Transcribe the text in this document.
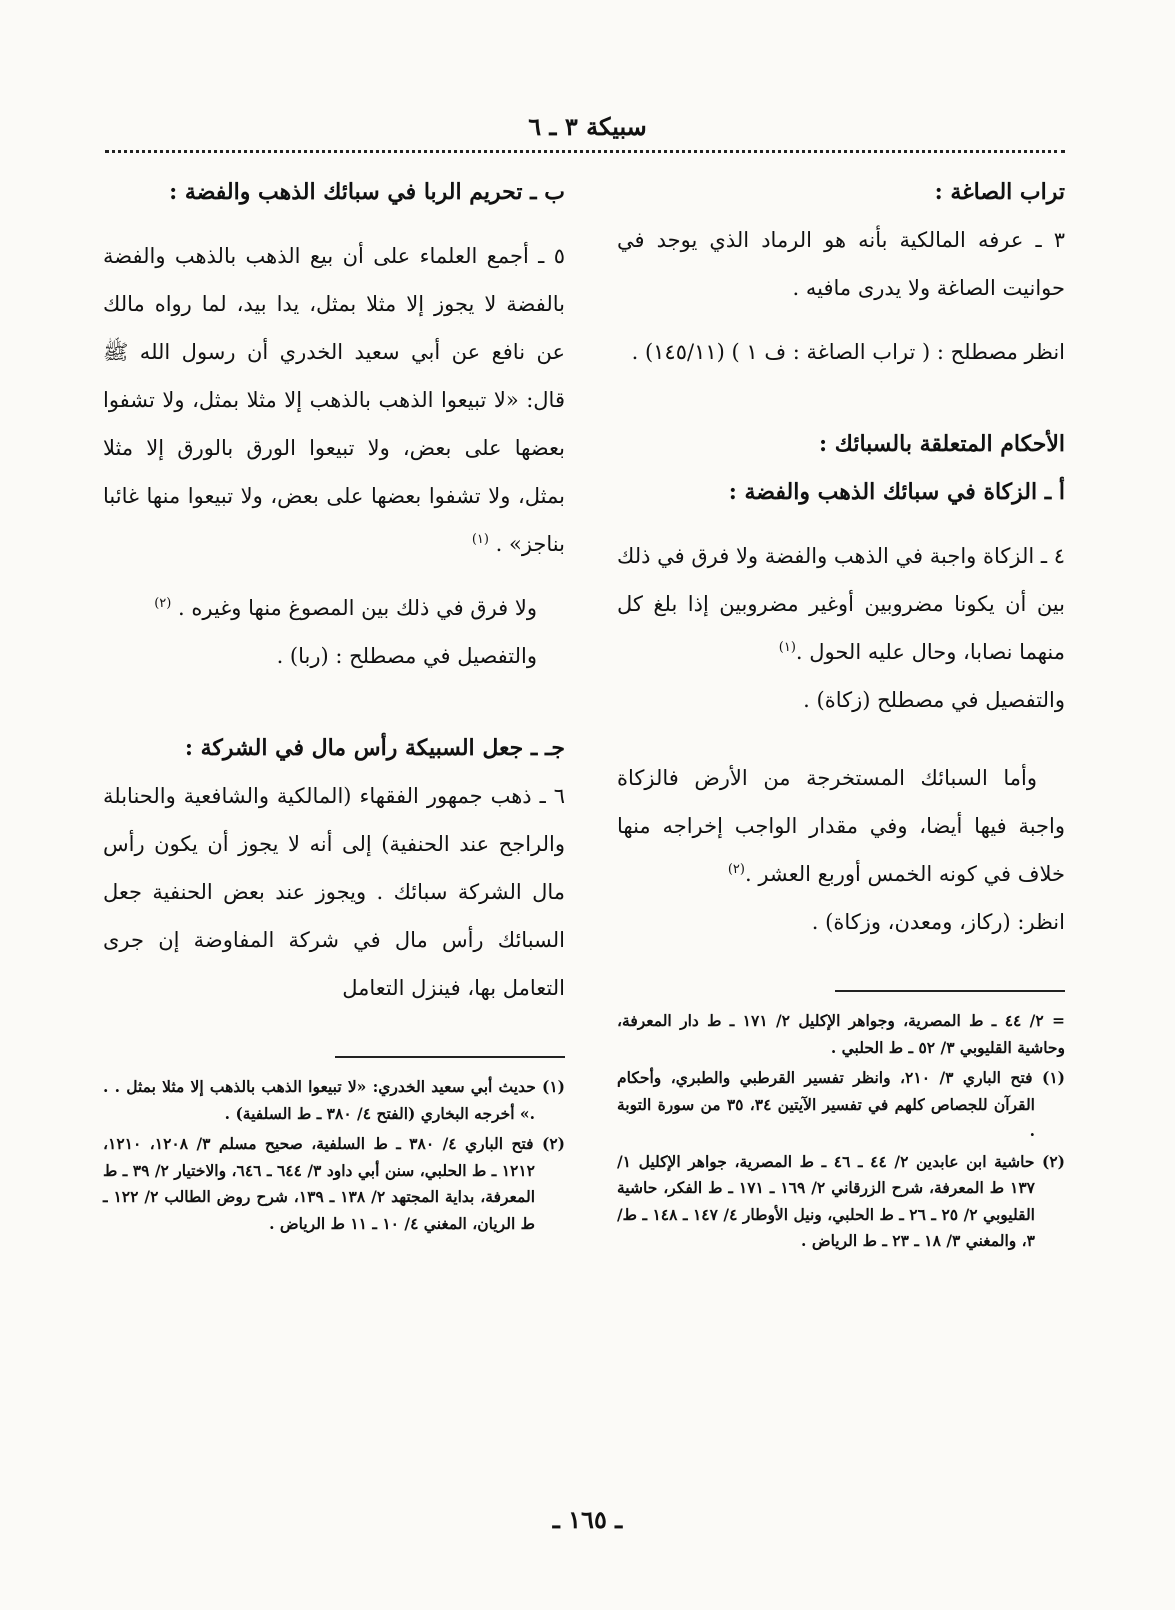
سبيكة ٣ ـ ٦

تراب الصاغة :

٣ ـ عرفه المالكية بأنه هو الرماد الذي يوجد في حوانيت الصاغة ولا يدرى مافيه .

انظر مصطلح : ( تراب الصاغة : ف ١ ) (١٤٥/١١) .

الأحكام المتعلقة بالسبائك :

أ ـ الزكاة في سبائك الذهب والفضة :

٤ ـ الزكاة واجبة في الذهب والفضة ولا فرق في ذلك بين أن يكونا مضروبين أوغير مضروبين إذا بلغ كل منهما نصابا، وحال عليه الحول .$^{(١)}$

والتفصيل في مصطلح (زكاة) .

وأما السبائك المستخرجة من الأرض فالزكاة واجبة فيها أيضا، وفي مقدار الواجب إخراجه منها خلاف في كونه الخمس أوربع العشر .$^{(٢)}$

انظر: (ركاز، ومعدن، وزكاة) .

= ٢/ ٤٤ ـ ط المصرية، وجواهر الإكليل ٢/ ١٧١ ـ ط دار المعرفة، وحاشية القليوبي ٣/ ٥٢ ـ ط الحلبي .

(١) فتح الباري ٣/ ٢١٠، وانظر تفسير القرطبي والطبري، وأحكام القرآن للجصاص كلهم في تفسير الآيتين ٣٤، ٣٥ من سورة التوبة .

(٢) حاشية ابن عابدين ٢/ ٤٤ ـ ٤٦ ـ ط المصرية، جواهر الإكليل ١/ ١٣٧ ط المعرفة، شرح الزرقاني ٢/ ١٦٩ ـ ١٧١ ـ ط الفكر، حاشية القليوبي ٢/ ٢٥ ـ ٢٦ ـ ط الحلبي، ونيل الأوطار ٤/ ١٤٧ ـ ١٤٨ ـ ط/ ٣، والمغني ٣/ ١٨ ـ ٢٣ ـ ط الرياض .

ب ـ تحريم الربا في سبائك الذهب والفضة :

٥ ـ أجمع العلماء على أن بيع الذهب بالذهب والفضة بالفضة لا يجوز إلا مثلا بمثل، يدا بيد، لما رواه مالك عن نافع عن أبي سعيد الخدري أن رسول الله ﷺ قال: «لا تبيعوا الذهب بالذهب إلا مثلا بمثل، ولا تشفوا بعضها على بعض، ولا تبيعوا الورق بالورق إلا مثلا بمثل، ولا تشفوا بعضها على بعض، ولا تبيعوا منها غائبا بناجز» . $^{(١)}$

ولا فرق في ذلك بين المصوغ منها وغيره . $^{(٢)}$

والتفصيل في مصطلح : (ربا) .

جـ ـ جعل السبيكة رأس مال في الشركة :

٦ ـ ذهب جمهور الفقهاء (المالكية والشافعية والحنابلة والراجح عند الحنفية) إلى أنه لا يجوز أن يكون رأس مال الشركة سبائك . ويجوز عند بعض الحنفية جعل السبائك رأس مال في شركة المفاوضة إن جرى التعامل بها، فينزل التعامل

(١) حديث أبي سعيد الخدري: «لا تبيعوا الذهب بالذهب إلا مثلا بمثل . . .» أخرجه البخاري (الفتح ٤/ ٣٨٠ ـ ط السلفية) .

(٢) فتح الباري ٤/ ٣٨٠ ـ ط السلفية، صحيح مسلم ٣/ ١٢٠٨، ١٢١٠، ١٢١٢ ـ ط الحلبي، سنن أبي داود ٣/ ٦٤٤ ـ ٦٤٦، والاختيار ٢/ ٣٩ ـ ط المعرفة، بداية المجتهد ٢/ ١٣٨ ـ ١٣٩، شرح روض الطالب ٢/ ١٢٢ ـ ط الريان، المغني ٤/ ١٠ ـ ١١ ط الرياض .

ـ ١٦٥ ـ
